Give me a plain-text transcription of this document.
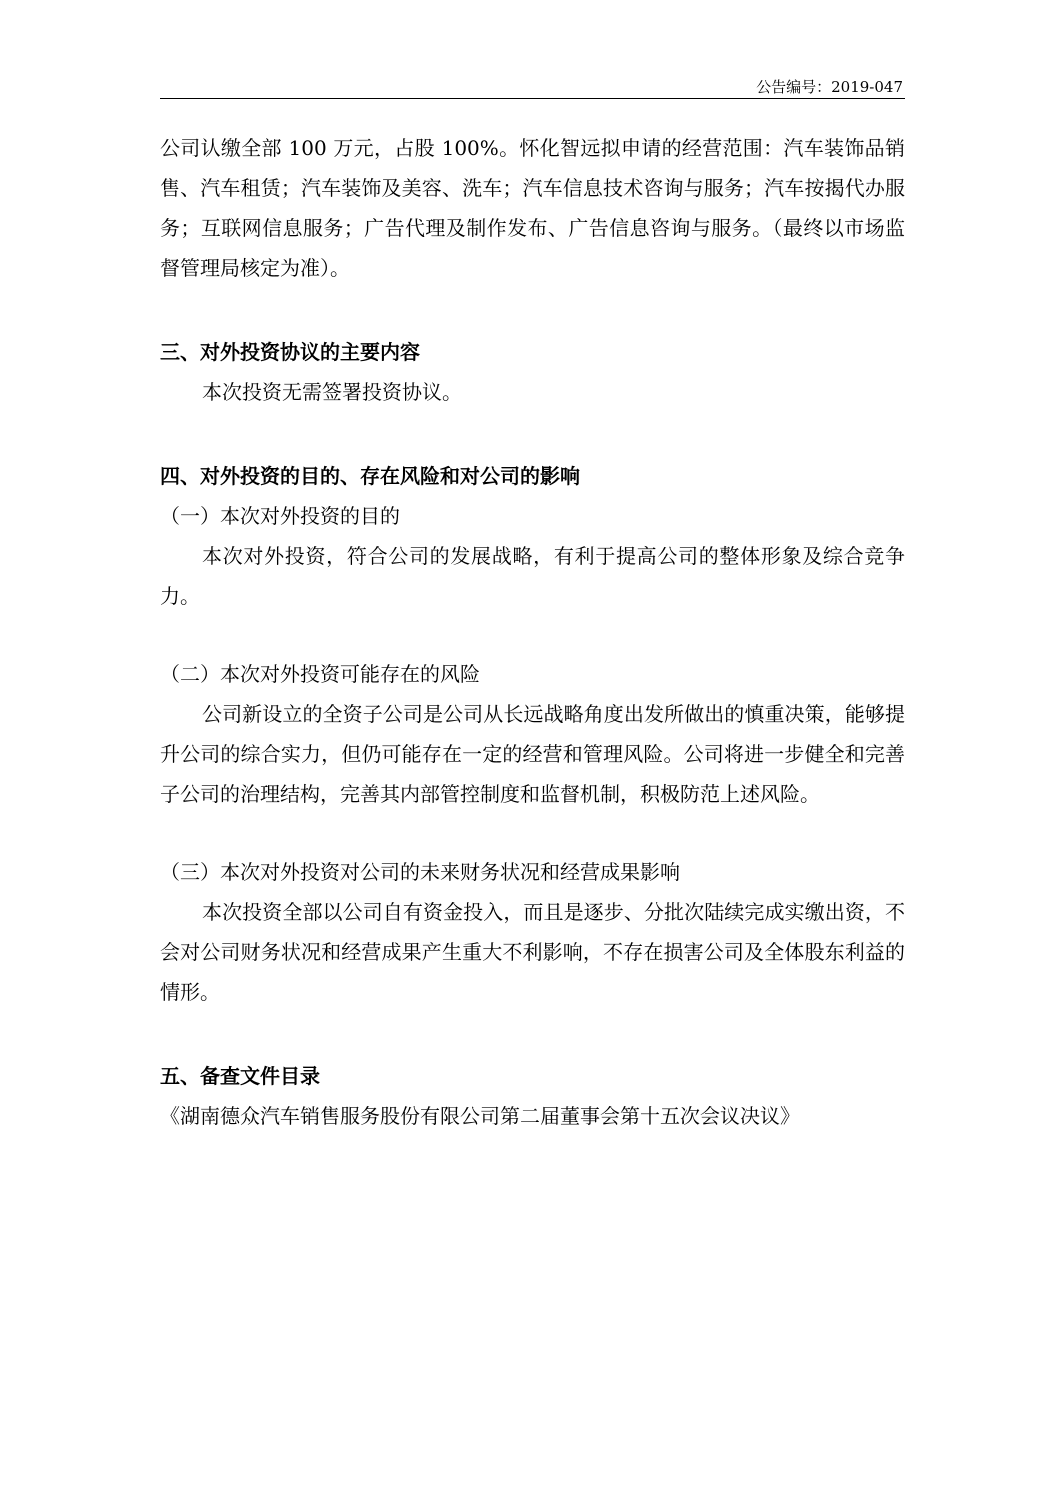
公告编号：2019-047

公司认缴全部 100 万元，占股 100%。怀化智远拟申请的经营范围：汽车装饰品销售、汽车租赁；汽车装饰及美容、洗车；汽车信息技术咨询与服务；汽车按揭代办服务；互联网信息服务；广告代理及制作发布、广告信息咨询与服务。（最终以市场监督管理局核定为准）。

三、对外投资协议的主要内容

本次投资无需签署投资协议。

四、对外投资的目的、存在风险和对公司的影响

（一）本次对外投资的目的

本次对外投资，符合公司的发展战略，有利于提高公司的整体形象及综合竞争力。

（二）本次对外投资可能存在的风险

公司新设立的全资子公司是公司从长远战略角度出发所做出的慎重决策，能够提升公司的综合实力，但仍可能存在一定的经营和管理风险。公司将进一步健全和完善子公司的治理结构，完善其内部管控制度和监督机制，积极防范上述风险。

（三）本次对外投资对公司的未来财务状况和经营成果影响

本次投资全部以公司自有资金投入，而且是逐步、分批次陆续完成实缴出资，不会对公司财务状况和经营成果产生重大不利影响，不存在损害公司及全体股东利益的情形。

五、备查文件目录

《湖南德众汽车销售服务股份有限公司第二届董事会第十五次会议决议》
